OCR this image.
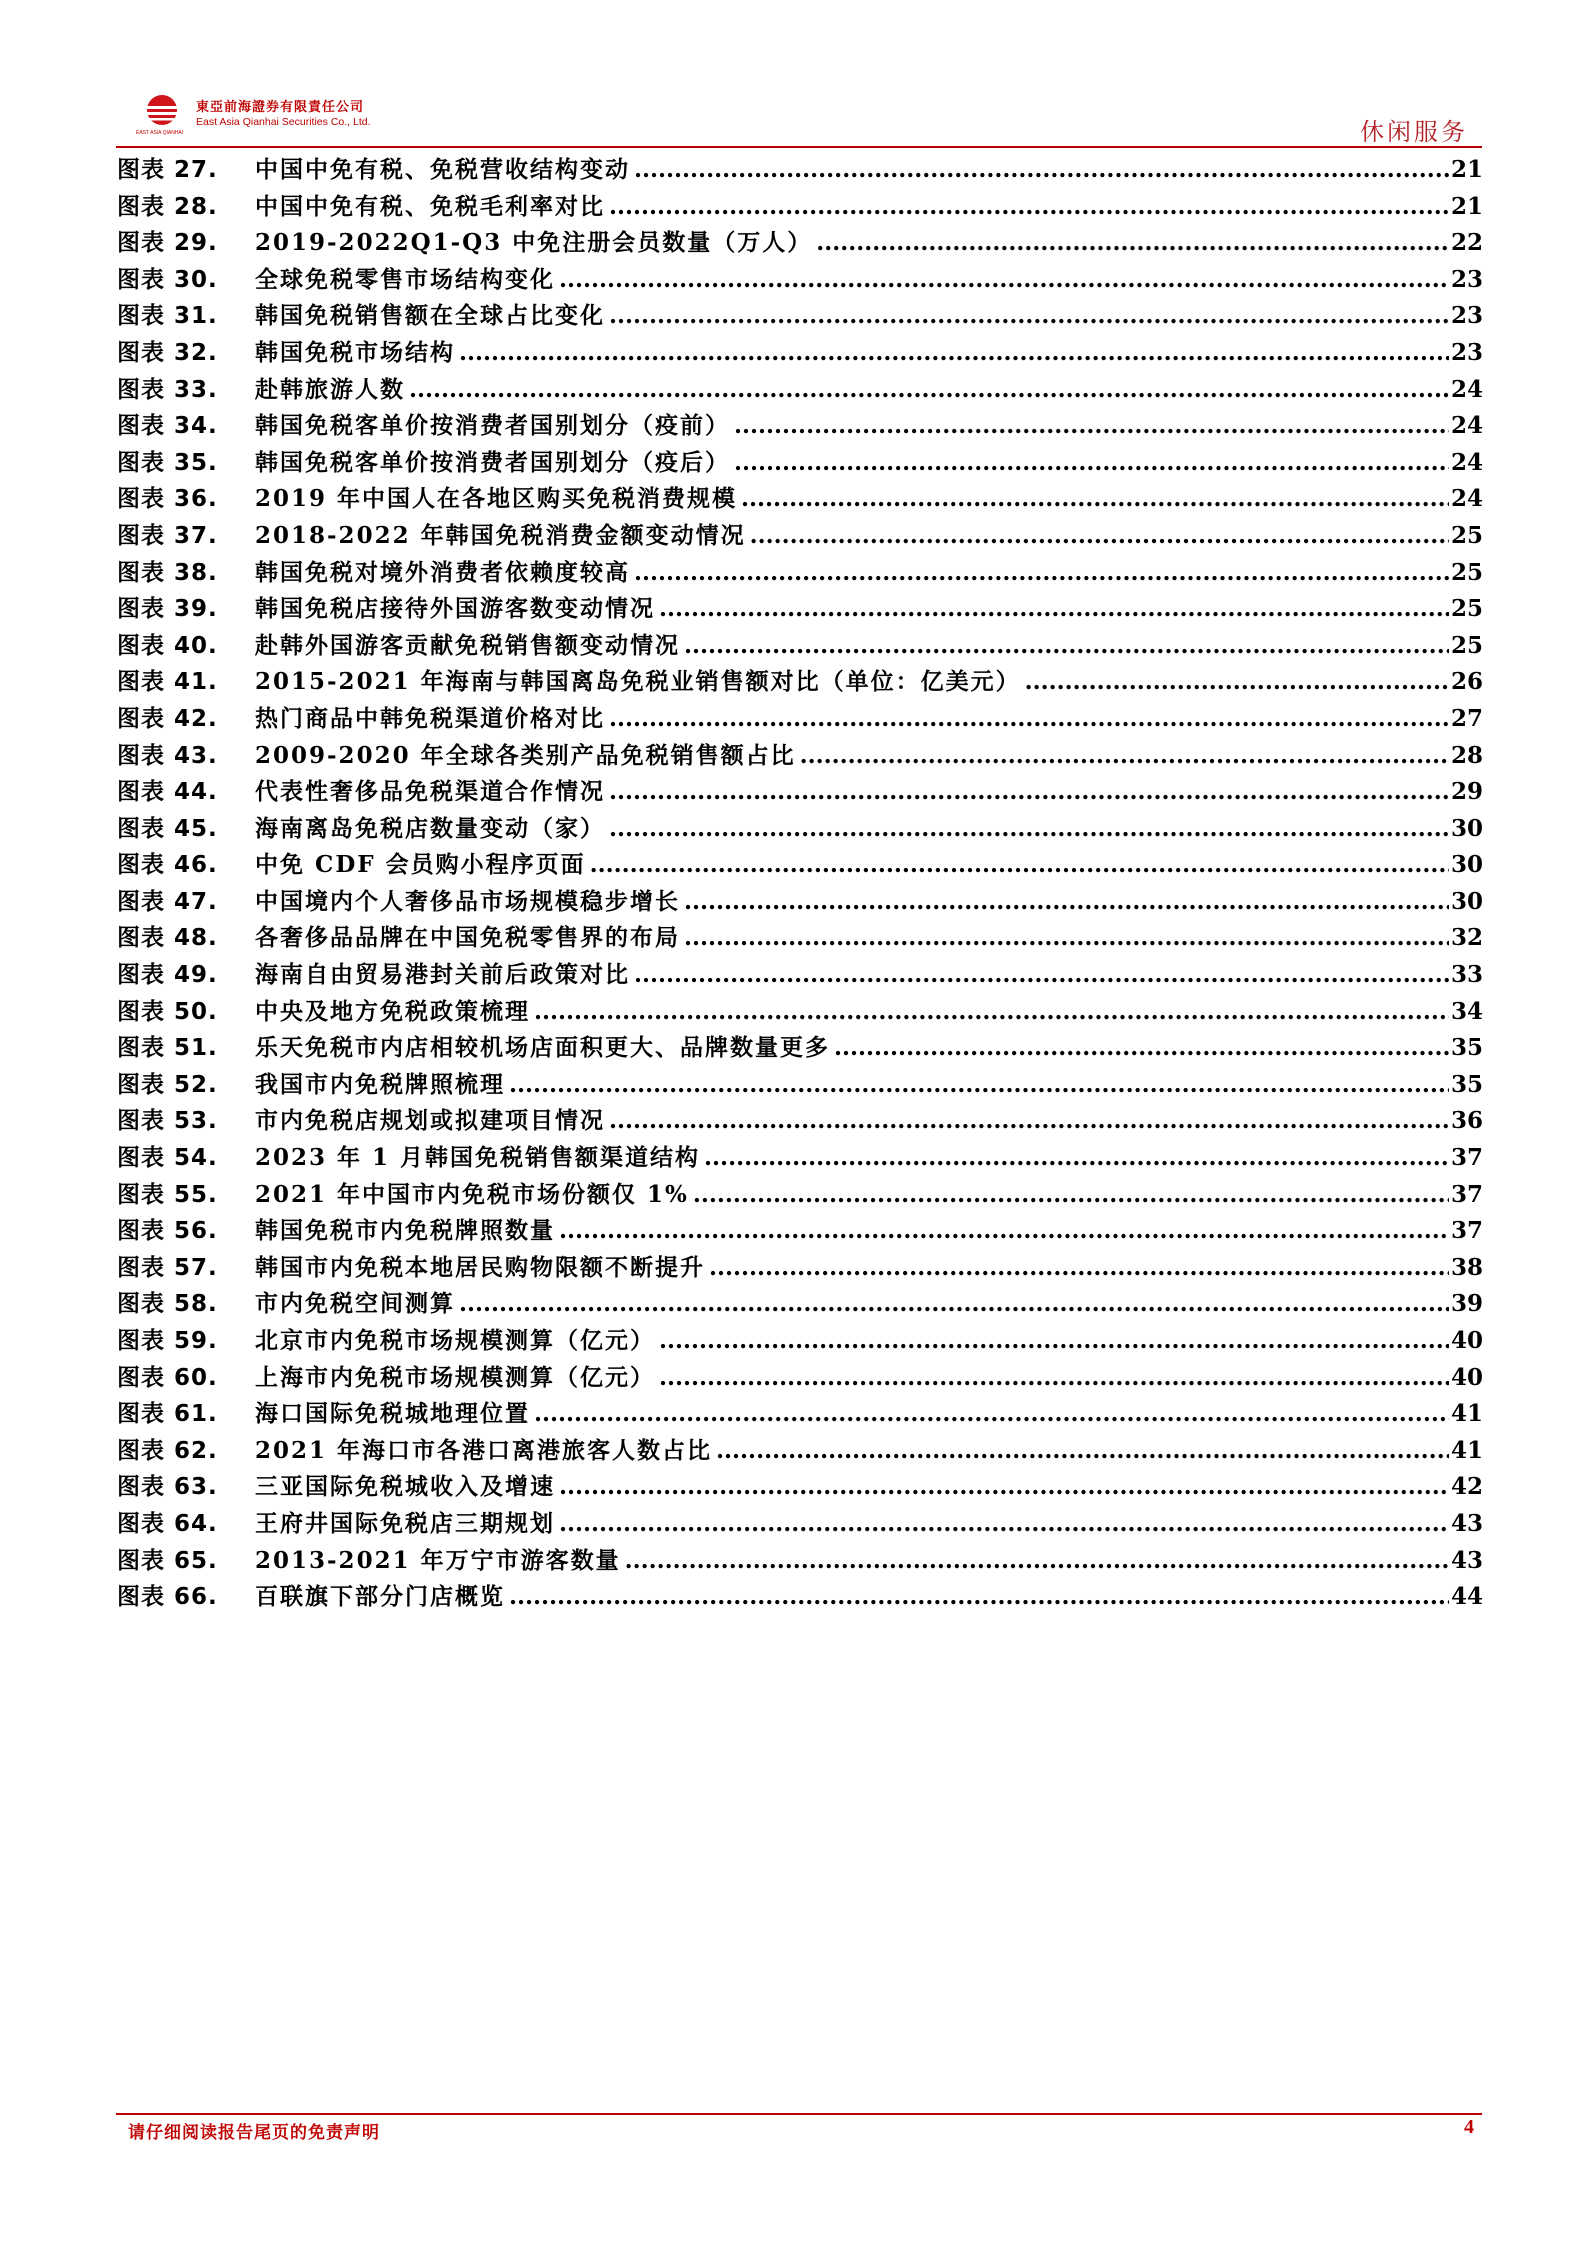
EAST ASIA QIANHAI
東亞前海證券有限責任公司
East Asia Qianhai Securities Co., Ltd.	休闲服务
图表 27.	中国中免有税、免税营收结构变动 .....	21
图表 28.	中国中免有税、免税毛利率对比 .....	21
图表 29.	2019-2022Q1-Q3 中免注册会员数量（万人） .....	22
图表 30.	全球免税零售市场结构变化 .....	23
图表 31.	韩国免税销售额在全球占比变化 .....	23
图表 32.	韩国免税市场结构 .....	23
图表 33.	赴韩旅游人数 .....	24
图表 34.	韩国免税客单价按消费者国别划分（疫前） .....	24
图表 35.	韩国免税客单价按消费者国别划分（疫后） .....	24
图表 36.	2019 年中国人在各地区购买免税消费规模 .....	24
图表 37.	2018-2022 年韩国免税消费金额变动情况 .....	25
图表 38.	韩国免税对境外消费者依赖度较高 .....	25
图表 39.	韩国免税店接待外国游客数变动情况 .....	25
图表 40.	赴韩外国游客贡献免税销售额变动情况 .....	25
图表 41.	2015-2021 年海南与韩国离岛免税业销售额对比（单位：亿美元） .....	26
图表 42.	热门商品中韩免税渠道价格对比 .....	27
图表 43.	2009-2020 年全球各类别产品免税销售额占比 .....	28
图表 44.	代表性奢侈品免税渠道合作情况 .....	29
图表 45.	海南离岛免税店数量变动（家） .....	30
图表 46.	中免 CDF 会员购小程序页面 .....	30
图表 47.	中国境内个人奢侈品市场规模稳步增长 .....	30
图表 48.	各奢侈品品牌在中国免税零售界的布局 .....	32
图表 49.	海南自由贸易港封关前后政策对比 .....	33
图表 50.	中央及地方免税政策梳理 .....	34
图表 51.	乐天免税市内店相较机场店面积更大、品牌数量更多 .....	35
图表 52.	我国市内免税牌照梳理 .....	35
图表 53.	市内免税店规划或拟建项目情况 .....	36
图表 54.	2023 年 1 月韩国免税销售额渠道结构 .....	37
图表 55.	2021 年中国市内免税市场份额仅 1% .....	37
图表 56.	韩国免税市内免税牌照数量 .....	37
图表 57.	韩国市内免税本地居民购物限额不断提升 .....	38
图表 58.	市内免税空间测算 .....	39
图表 59.	北京市内免税市场规模测算（亿元） .....	40
图表 60.	上海市内免税市场规模测算（亿元） .....	40
图表 61.	海口国际免税城地理位置 .....	41
图表 62.	2021 年海口市各港口离港旅客人数占比 .....	41
图表 63.	三亚国际免税城收入及增速 .....	42
图表 64.	王府井国际免税店三期规划 .....	43
图表 65.	2013-2021 年万宁市游客数量 .....	43
图表 66.	百联旗下部分门店概览 .....	44
请仔细阅读报告尾页的免责声明	4
